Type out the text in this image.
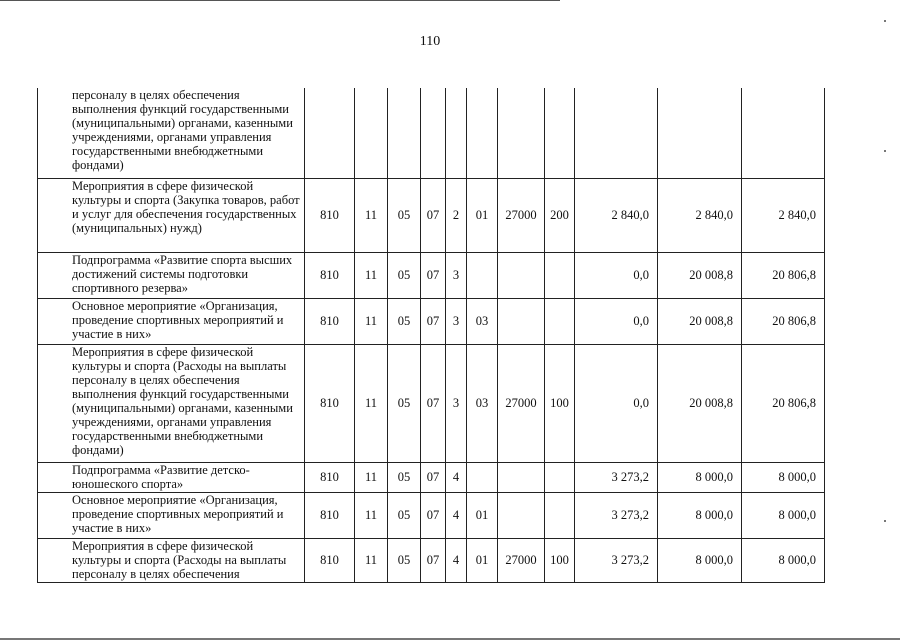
110
персоналу в целях обеспечения выполнения функций государственными (муниципальными) органами, казенными учреждениями, органами управления государственными внебюджетными фондами)											
Мероприятия в сфере физической культуры и спорта (Закупка товаров, работ и услуг для обеспечения государственных (муниципальных) нужд)	810	11	05	07	2	01	27000	200	2 840,0	2 840,0	2 840,0
Подпрограмма «Развитие спорта высших достижений системы подготовки спортивного резерва»	810	11	05	07	3				0,0	20 008,8	20 806,8
Основное мероприятие «Организация, проведение спортивных мероприятий и участие в них»	810	11	05	07	3	03			0,0	20 008,8	20 806,8
Мероприятия в сфере физической культуры и спорта (Расходы на выплаты персоналу в целях обеспечения выполнения функций государственными (муниципальными) органами, казенными учреждениями, органами управления государственными внебюджетными фондами)	810	11	05	07	3	03	27000	100	0,0	20 008,8	20 806,8
Подпрограмма «Развитие детско-юношеского спорта»	810	11	05	07	4				3 273,2	8 000,0	8 000,0
Основное мероприятие «Организация, проведение спортивных мероприятий и участие в них»	810	11	05	07	4	01			3 273,2	8 000,0	8 000,0
Мероприятия в сфере физической культуры и спорта (Расходы на выплаты персоналу в целях обеспечения	810	11	05	07	4	01	27000	100	3 273,2	8 000,0	8 000,0
